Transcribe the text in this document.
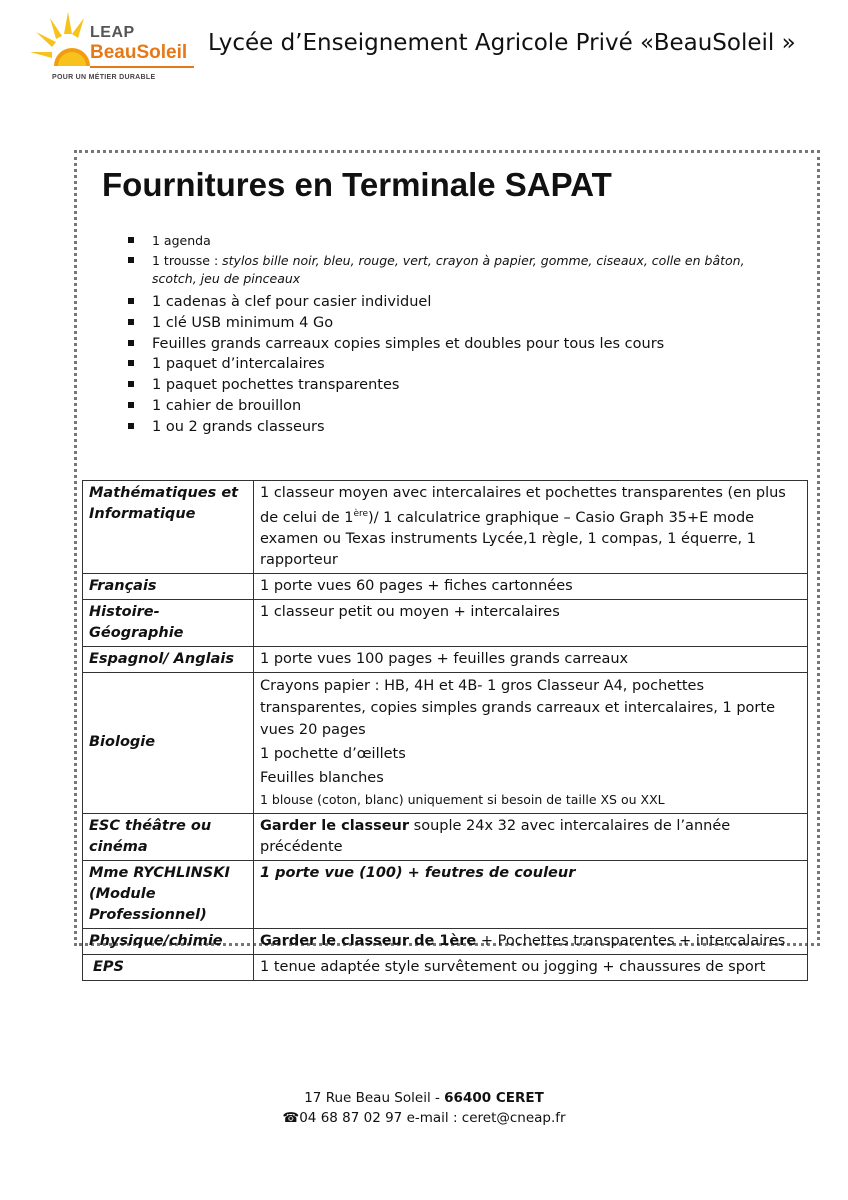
LEAP
BeauSoleil
POUR UN MÉTIER DURABLE
Lycée d’Enseignement Agricole Privé «BeauSoleil »
Fournitures en Terminale SAPAT
1 agenda
1 trousse : stylos bille noir, bleu, rouge, vert, crayon à papier, gomme, ciseaux, colle en bâton, scotch, jeu de pinceaux
1 cadenas à clef pour casier individuel
1 clé USB minimum 4 Go
Feuilles grands carreaux copies simples et doubles pour tous les cours
1 paquet d’intercalaires
1 paquet pochettes transparentes
1 cahier de brouillon
1 ou 2 grands classeurs
Mathématiques et Informatique	1 classeur moyen avec intercalaires et pochettes transparentes (en plus de celui de 1ère)/ 1 calculatrice graphique – Casio Graph 35+E mode examen ou Texas instruments Lycée,1 règle, 1 compas, 1 équerre, 1 rapporteur
Français	1 porte vues 60 pages + fiches cartonnées
Histoire-Géographie	1 classeur petit ou moyen + intercalaires
Espagnol/ Anglais	1 porte vues 100 pages + feuilles grands carreaux
Biologie	Crayons papier : HB, 4H et 4B- 1 gros Classeur A4, pochettes transparentes, copies simples grands carreaux et intercalaires, 1 porte vues 20 pages
1 pochette d’œillets
Feuilles blanches
1 blouse (coton, blanc) uniquement si besoin de taille XS ou XXL

ESC théâtre ou cinéma	Garder le classeur souple 24x 32 avec intercalaires de l’année précédente
Mme RYCHLINSKI (Module Professionnel)	1 porte vue (100) + feutres de couleur
Physique/chimie	Garder le classeur de 1ère + Pochettes transparentes + intercalaires
EPS	1 tenue adaptée style survêtement ou jogging + chaussures de sport
17 Rue Beau Soleil - 66400 CERET
☎04 68 87 02 97 e-mail : ceret@cneap.fr
